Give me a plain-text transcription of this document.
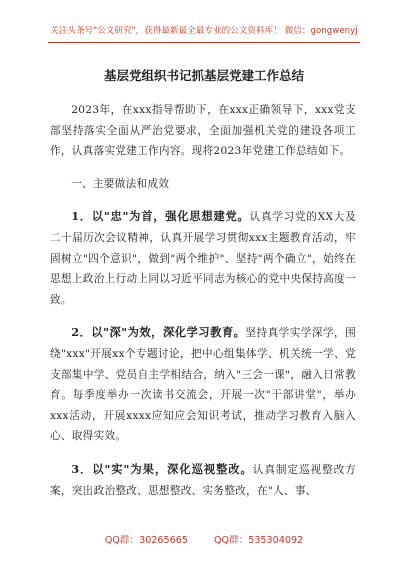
关注头条号"公文研究"，获得最新最全最专业的公文资料库！ 微信：gongwenyj
基层党组织书记抓基层党建工作总结

2023年，在xxx指导帮助下，在xxx正确领导下，xxx党支部坚持落实全面从严治党要求，全面加强机关党的建设各项工作，认真落实党建工作内容。现将2023年党建工作总结如下。

一、主要做法和成效

1．以"忠"为首，强化思想建党。认真学习党的XX大及二十届历次会议精神，认真开展学习贯彻xxx主题教育活动，牢固树立"四个意识"，做到"两个维护"、坚持"两个确立"，始终在思想上政治上行动上同以习近平同志为核心的党中央保持高度一致。

2．以"深"为效，深化学习教育。坚持真学实学深学，围绕"xxx"开展xx个专题讨论，把中心组集体学、机关统一学、党支部集中学、党员自主学相结合，纳入"三会一课"，融入日常教育。每季度举办一次读书交流会，开展一次"干部讲堂"，举办xxx活动，开展xxxx应知应会知识考试，推动学习教育入脑入心、取得实效。

3．以"实"为果，深化巡视整改。认真制定巡视整改方案，突出政治整改、思想整改、实务整改，在"人、事、

QQ群：30265665	QQ群：535304092
